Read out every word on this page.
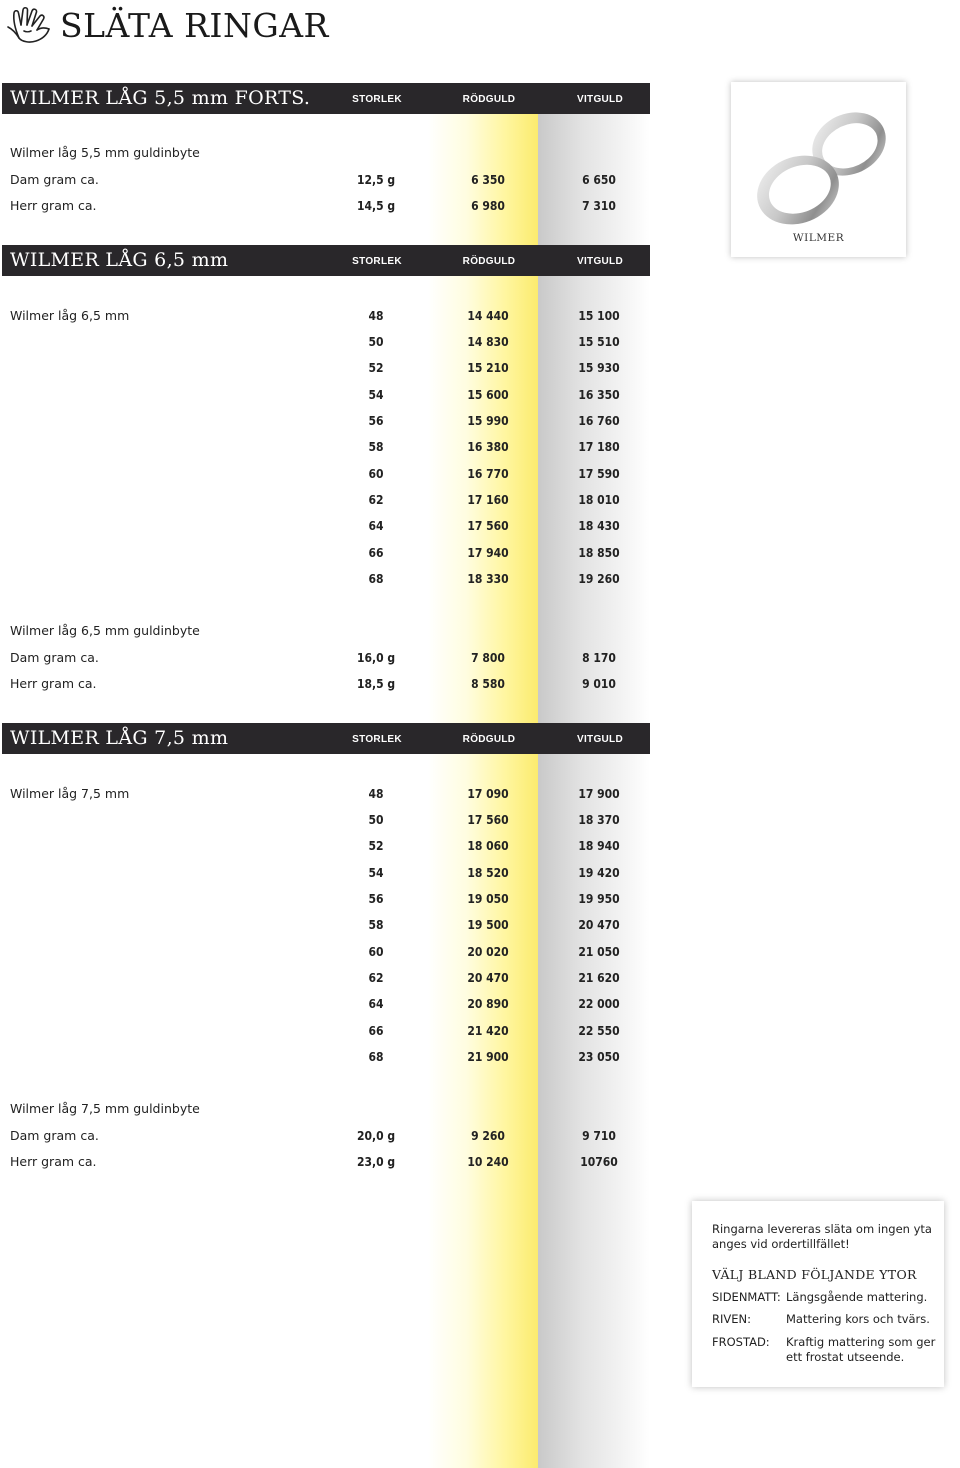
SLÄTA RINGAR
WILMER
WILMER LÅG 5,5 mm FORTS.	STORLEK	RÖDGULD	VITGULD
Wilmer låg 5,5 mm guldinbyte
Dam gram ca.	12,5 g	6 350	6 650
Herr gram ca.	14,5 g	6 980	7 310
WILMER LÅG 6,5 mm	STORLEK	RÖDGULD	VITGULD
Wilmer låg 6,5 mm	48	14 440	15 100
50	14 830	15 510
52	15 210	15 930
54	15 600	16 350
56	15 990	16 760
58	16 380	17 180
60	16 770	17 590
62	17 160	18 010
64	17 560	18 430
66	17 940	18 850
68	18 330	19 260
Wilmer låg 6,5 mm guldinbyte
Dam gram ca.	16,0 g	7 800	8 170
Herr gram ca.	18,5 g	8 580	9 010
WILMER LÅG 7,5 mm	STORLEK	RÖDGULD	VITGULD
Wilmer låg 7,5 mm	48	17 090	17 900
50	17 560	18 370
52	18 060	18 940
54	18 520	19 420
56	19 050	19 950
58	19 500	20 470
60	20 020	21 050
62	20 470	21 620
64	20 890	22 000
66	21 420	22 550
68	21 900	23 050
Wilmer låg 7,5 mm guldinbyte
Dam gram ca.	20,0 g	9 260	9 710
Herr gram ca.	23,0 g	10 240	10760
Ringarna levereras släta om ingen yta anges vid ordertillfället!
VÄLJ BLAND FÖLJANDE YTOR
SIDENMATT: Längsgående mattering.
RIVEN:	Mattering kors och tvärs.
FROSTAD: Kraftig mattering som ger ett frostat utseende.
